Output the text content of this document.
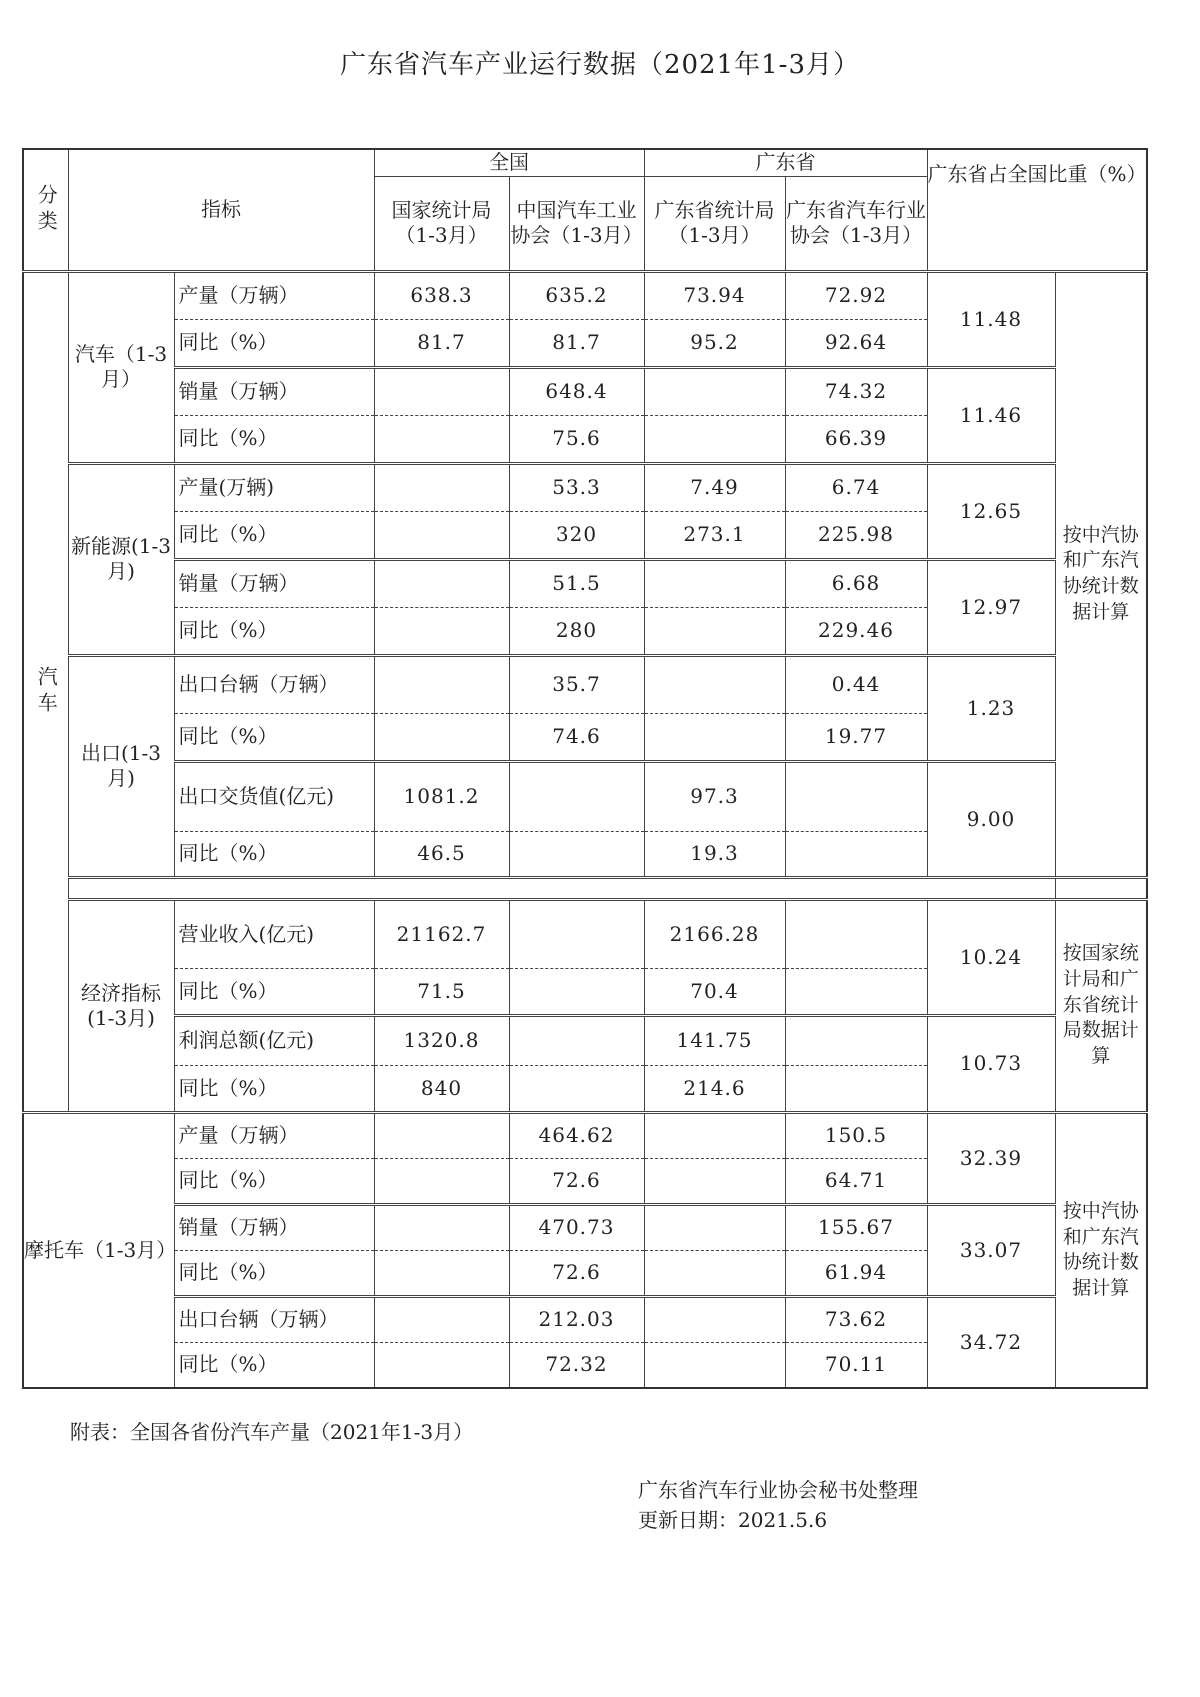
广东省汽车产业运行数据（2021年1-3月）
分类	指标		全国		广东省		广东省占全国比重（%）	
			国家统计局（1-3月）	中国汽车工业协会（1-3月）	广东省统计局（1-3月）	广东省汽车行业协会（1-3月）		
汽车	汽车（1-3月）	产量（万辆）	638.3	635.2	73.94	72.92	11.48	按中汽协和广东汽协统计数据计算
		同比（%）	81.7	81.7	95.2	92.64		
		销量（万辆）		648.4		74.32	11.46	
		同比（%）		75.6		66.39		
	新能源(1-3月)	产量(万辆)		53.3	7.49	6.74	12.65	
		同比（%）		320	273.1	225.98		
		销量（万辆）		51.5		6.68	12.97	
		同比（%）		280		229.46		
	出口(1-3月)	出口台辆（万辆）		35.7		0.44	1.23	
		同比（%）		74.6		19.77		
		出口交货值(亿元)	1081.2		97.3		9.00	
		同比（%）	46.5		19.3			

	经济指标(1-3月)	营业收入(亿元)	21162.7		2166.28		10.24	按国家统计局和广东省统计局数据计算
		同比（%）	71.5		70.4			
		利润总额(亿元)	1320.8		141.75		10.73	
		同比（%）	840		214.6			
摩托车（1-3月）		产量（万辆）		464.62		150.5	32.39	按中汽协和广东汽协统计数据计算
		同比（%）		72.6		64.71		
		销量（万辆）		470.73		155.67	33.07	
		同比（%）		72.6		61.94		
		出口台辆（万辆）		212.03		73.62	34.72	
		同比（%）		72.32		70.11		
附表：全国各省份汽车产量（2021年1-3月）
广东省汽车行业协会秘书处整理
更新日期：2021.5.6
